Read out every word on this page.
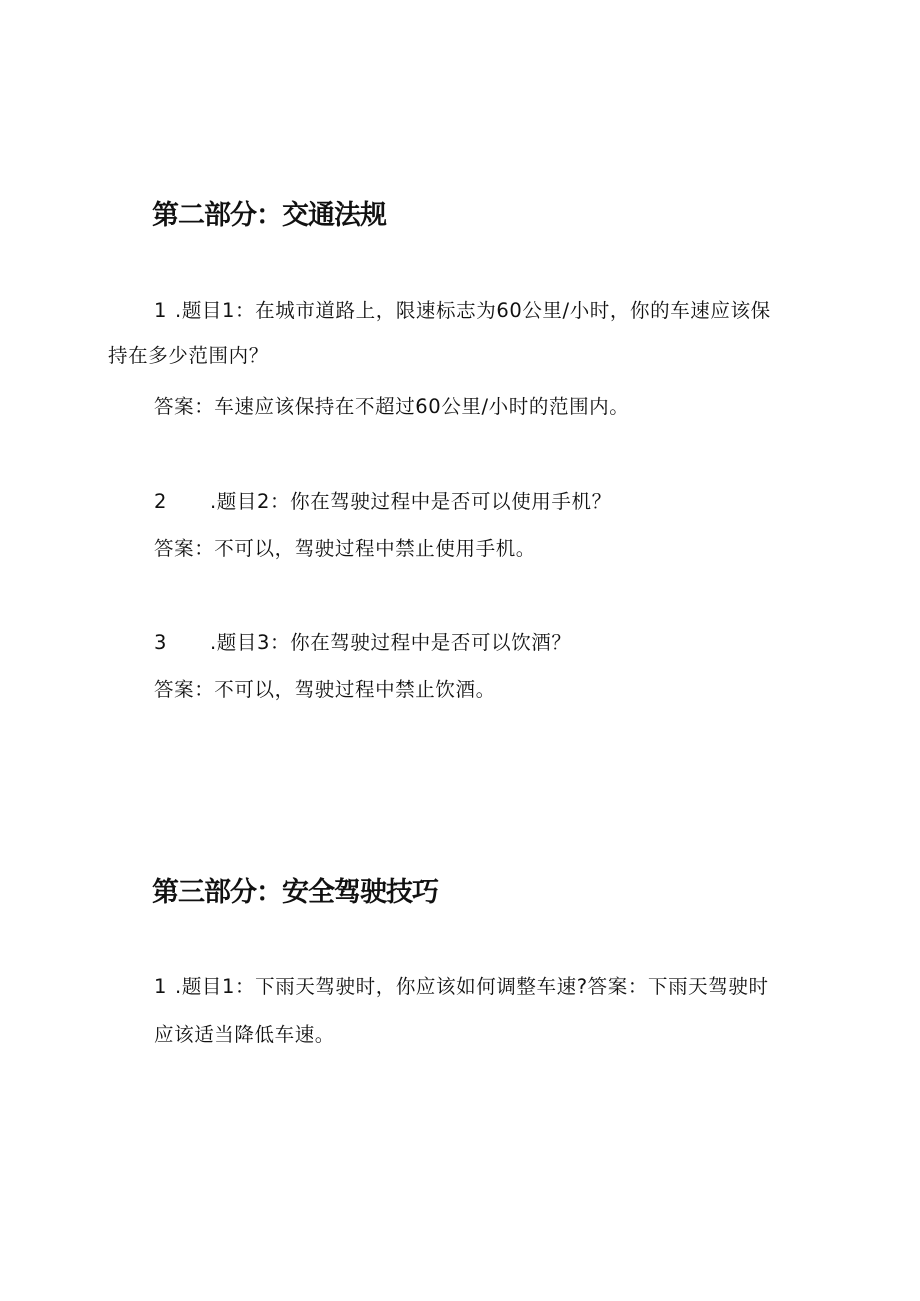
第二部分：交通法规
1 .题目1：在城市道路上，限速标志为60公里/小时，你的车速应该保
持在多少范围内？
答案：车速应该保持在不超过60公里/小时的范围内。
2 .题目2：你在驾驶过程中是否可以使用手机？
答案：不可以，驾驶过程中禁止使用手机。
3 .题目3：你在驾驶过程中是否可以饮酒？
答案：不可以，驾驶过程中禁止饮酒。
第三部分：安全驾驶技巧
1 .题目1：下雨天驾驶时，你应该如何调整车速?答案：下雨天驾驶时
应该适当降低车速。
